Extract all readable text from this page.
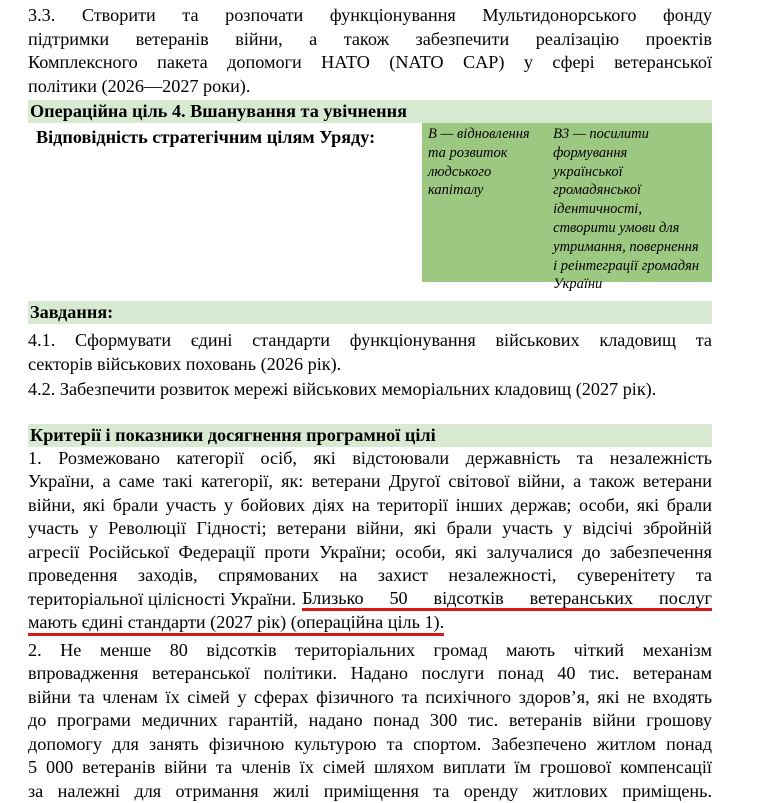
3.3. Створити та розпочати функціонування Мультидонорського фонду

підтримки ветеранів війни, а також забезпечити реалізацію проектів

Комплексного пакета допомоги НАТО (NATO CAP) у сфері ветеранської

політики (2026—2027 роки).

Операційна ціль 4. Вшанування та увічнення

Відповідність стратегічним цілям Уряду:	В — відновлення
та розвиток
людського
капіталу
В3 — посилити
формування
української
громадянської
ідентичності,
створити умови для
утримання, повернення
і реінтеграції громадян
України

Завдання:

4.1. Сформувати єдині стандарти функціонування військових кладовищ та

секторів військових поховань (2026 рік).

4.2. Забезпечити розвиток мережі військових меморіальних кладовищ (2027 рік).

Критерії і показники досягнення програмної цілі

1. Розмежовано категорії осіб, які відстоювали державність та незалежність

України, а саме такі категорії, як: ветерани Другої світової війни, а також ветерани

війни, які брали участь у бойових діях на території інших держав; особи, які брали

участь у Революції Гідності; ветерани війни, які брали участь у відсічі збройній

агресії Російської Федерації проти України; особи, які залучалися до забезпечення

проведення заходів, спрямованих на захист незалежності, суверенітету та

територіальної цілісності України. Близько 50 відсотків ветеранських послуг

мають єдині стандарти (2027 рік) (операційна ціль 1).

2. Не менше 80 відсотків територіальних громад мають чіткий механізм

впровадження ветеранської політики. Надано послуги понад 40 тис. ветеранам

війни та членам їх сімей у сферах фізичного та психічного здоров’я, які не входять

до програми медичних гарантій, надано понад 300 тис. ветеранів війни грошову

допомогу для занять фізичною культурою та спортом. Забезпечено житлом понад

5 000 ветеранів війни та членів їх сімей шляхом виплати їм грошової компенсації

за належні для отримання жилі приміщення та оренду житлових приміщень.
